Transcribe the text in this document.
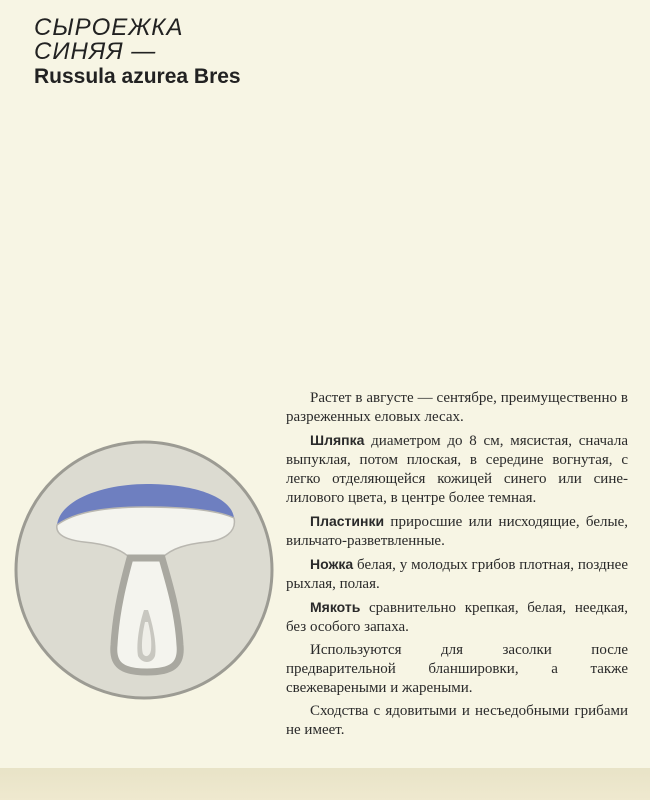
СЫРОЕЖКА
СИНЯЯ —
Russula azurea Bres

Растет в августе — сентябре, преимущественно в разреженных еловых лесах.

Шляпка диаметром до 8 см, мясистая, сначала выпуклая, потом плоская, в середине вогнутая, с легко отделяющейся кожицей синего или сине-лилового цвета, в центре более темная.

Пластинки приросшие или нисходящие, белые, вильчато-разветвленные.

Ножка белая, у молодых грибов плотная, позднее рыхлая, полая.

Мякоть сравнительно крепкая, белая, неедкая, без особого запаха.

Используются для засолки после предварительной бланшировки, а также свежевареными и жареными.

Сходства с ядовитыми и несъедобными грибами не имеет.
